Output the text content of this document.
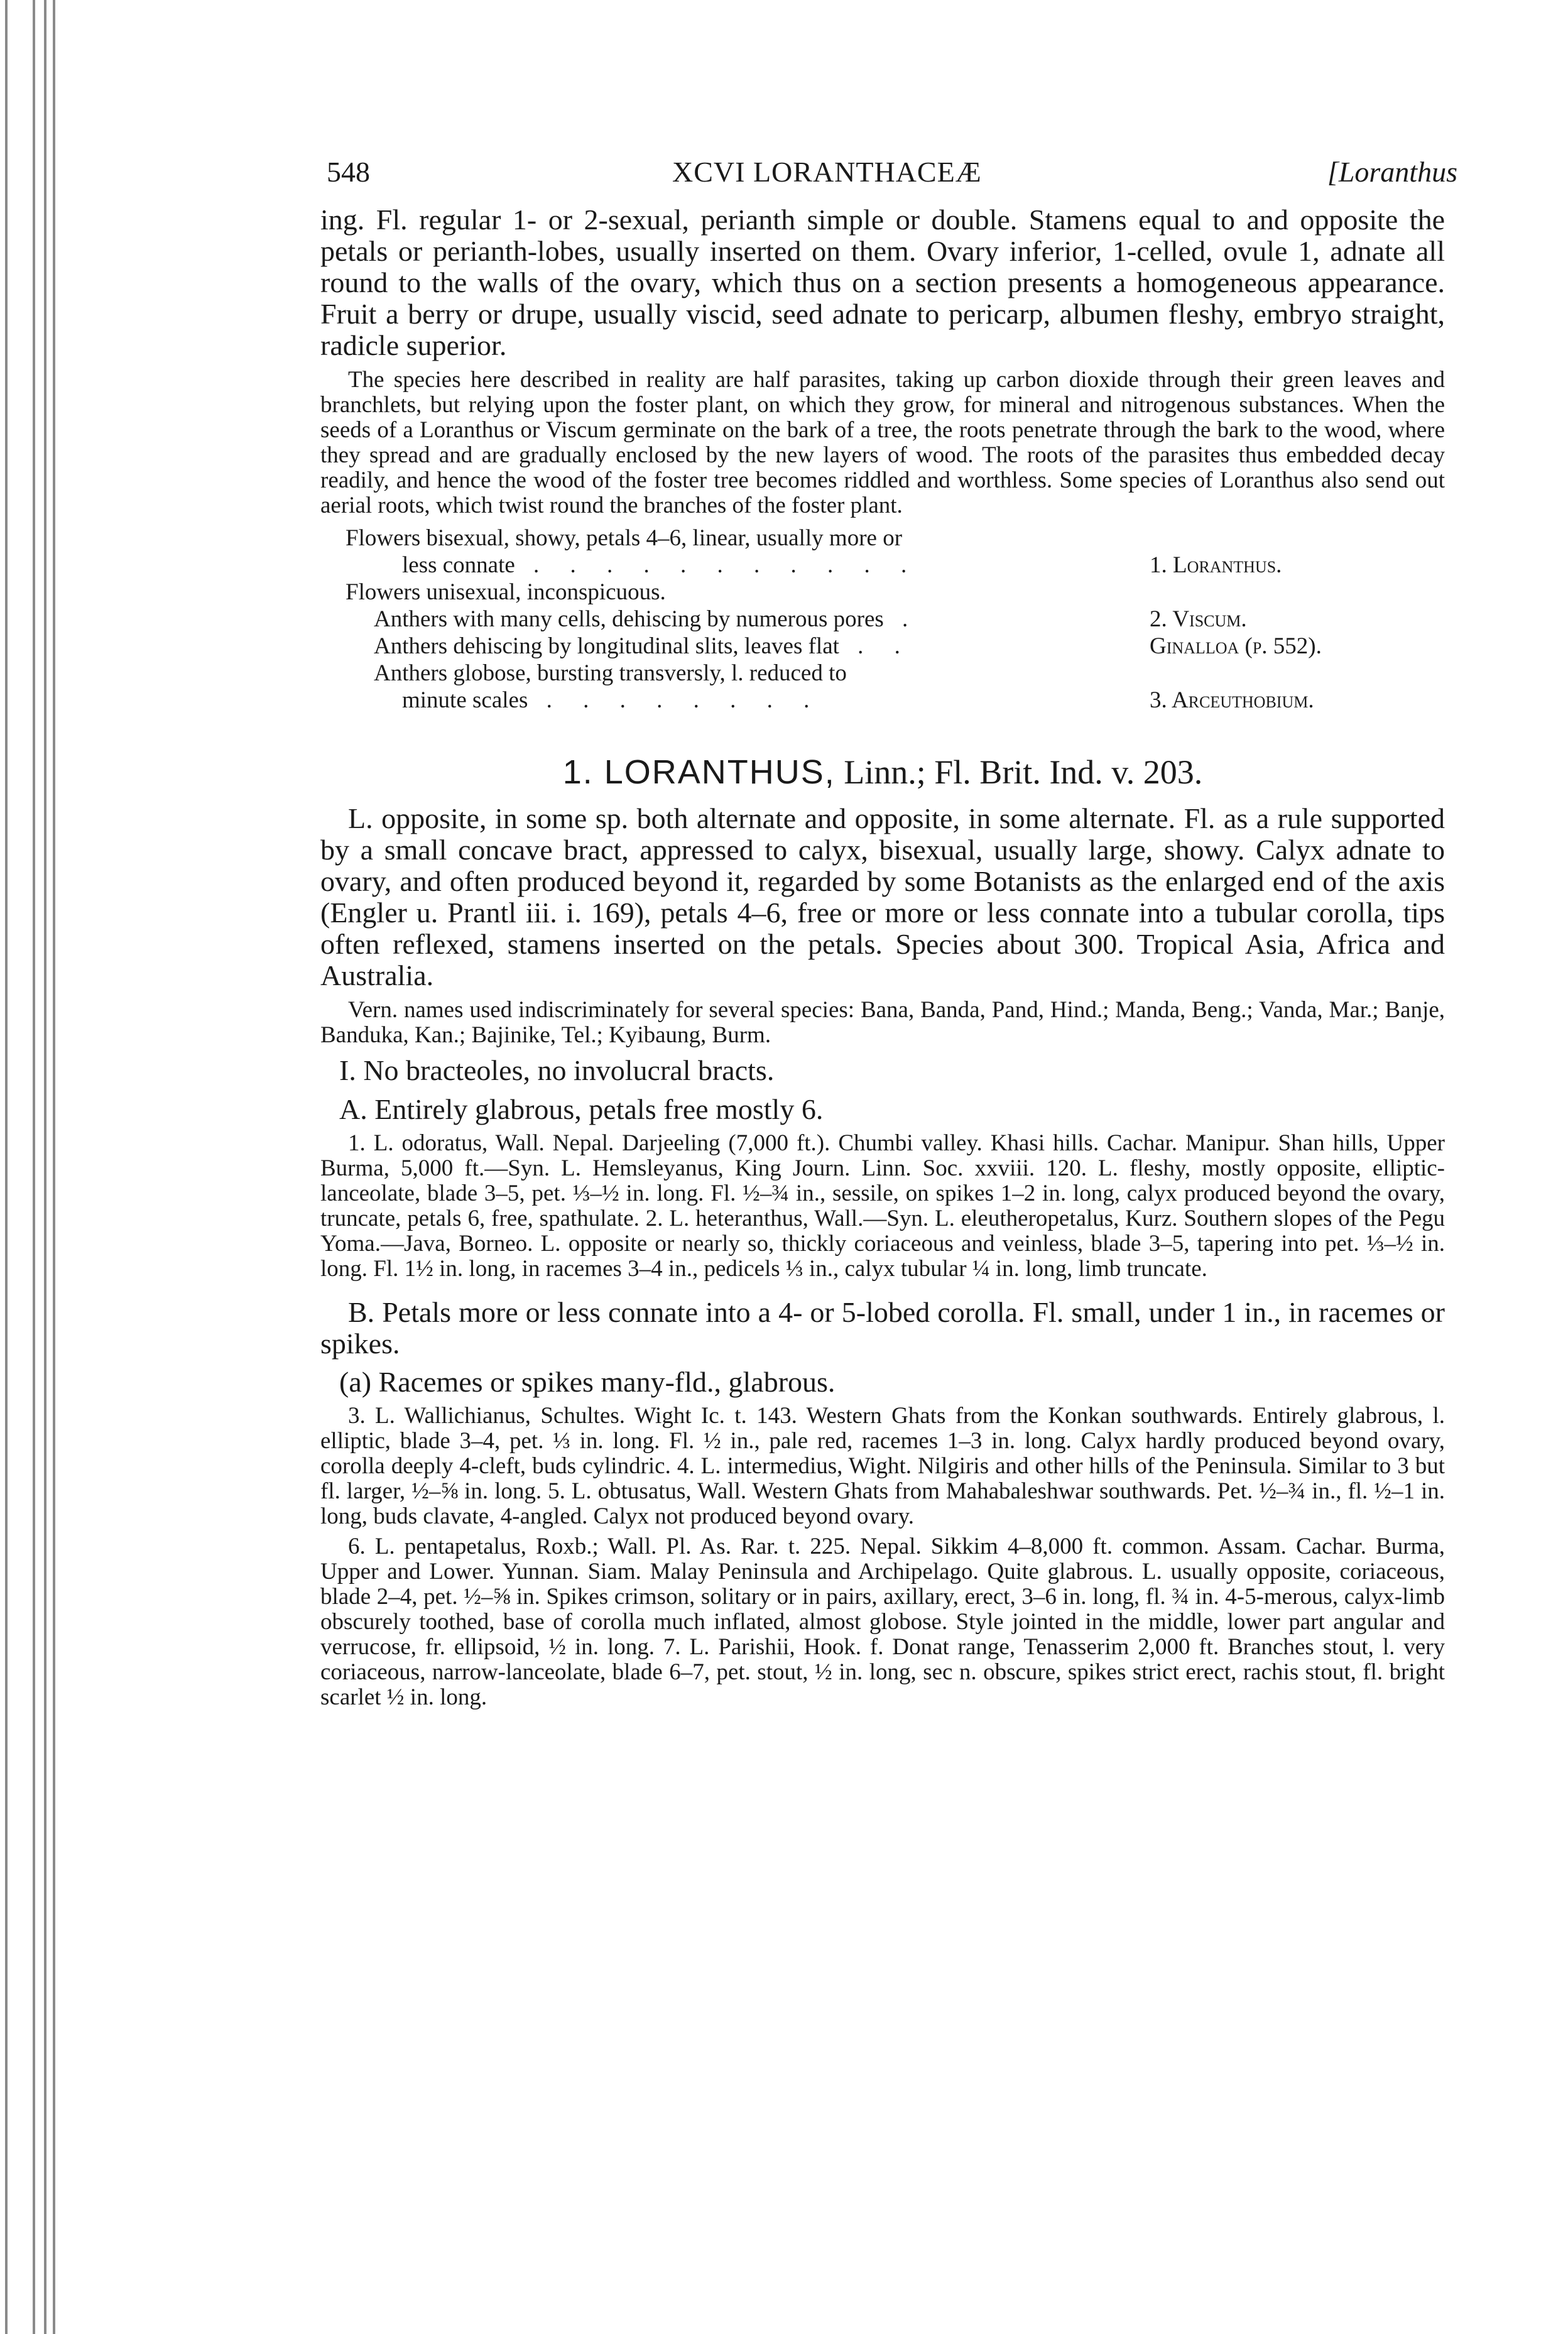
548	XCVI LORANTHACEÆ	[Loranthus

ing. Fl. regular 1- or 2-sexual, perianth simple or double. Stamens equal to and opposite the petals or perianth-lobes, usually inserted on them. Ovary inferior, 1-celled, ovule 1, adnate all round to the walls of the ovary, which thus on a section presents a homogeneous appearance. Fruit a berry or drupe, usually viscid, seed adnate to pericarp, albumen fleshy, embryo straight, radicle superior.

The species here described in reality are half parasites, taking up carbon dioxide through their green leaves and branchlets, but relying upon the foster plant, on which they grow, for mineral and nitrogenous substances. When the seeds of a Loranthus or Viscum germinate on the bark of a tree, the roots penetrate through the bark to the wood, where they spread and are gradually enclosed by the new layers of wood. The roots of the parasites thus embedded decay readily, and hence the wood of the foster tree becomes riddled and worthless. Some species of Loranthus also send out aerial roots, which twist round the branches of the foster plant.

Flowers bisexual, showy, petals 4–6, linear, usually more or
less connate . . . . . . . . . . .	1. Loranthus.
Flowers unisexual, inconspicuous.
Anthers with many cells, dehiscing by numerous pores .	2. Viscum.
Anthers dehiscing by longitudinal slits, leaves flat . .	Ginalloa (p. 552).
Anthers globose, bursting transversly, l. reduced to
minute scales . . . . . . . .	3. Arceuthobium.
1. LORANTHUS, Linn.; Fl. Brit. Ind. v. 203.

L. opposite, in some sp. both alternate and opposite, in some alternate. Fl. as a rule supported by a small concave bract, appressed to calyx, bisexual, usually large, showy. Calyx adnate to ovary, and often produced beyond it, regarded by some Botanists as the enlarged end of the axis (Engler u. Prantl iii. i. 169), petals 4–6, free or more or less connate into a tubular corolla, tips often reflexed, stamens inserted on the petals. Species about 300. Tropical Asia, Africa and Australia.

Vern. names used indiscriminately for several species: Bana, Banda, Pand, Hind.; Manda, Beng.; Vanda, Mar.; Banje, Banduka, Kan.; Bajinike, Tel.; Kyibaung, Burm.

I. No bracteoles, no involucral bracts.
A. Entirely glabrous, petals free mostly 6.

1. L. odoratus, Wall. Nepal. Darjeeling (7,000 ft.). Chumbi valley. Khasi hills. Cachar. Manipur. Shan hills, Upper Burma, 5,000 ft.—Syn. L. Hemsleyanus, King Journ. Linn. Soc. xxviii. 120. L. fleshy, mostly opposite, elliptic-lanceolate, blade 3–5, pet. ⅓–½ in. long. Fl. ½–¾ in., sessile, on spikes 1–2 in. long, calyx produced beyond the ovary, truncate, petals 6, free, spathulate. 2. L. heteranthus, Wall.—Syn. L. eleutheropetalus, Kurz. Southern slopes of the Pegu Yoma.—Java, Borneo. L. opposite or nearly so, thickly coriaceous and veinless, blade 3–5, tapering into pet. ⅓–½ in. long. Fl. 1½ in. long, in racemes 3–4 in., pedicels ⅓ in., calyx tubular ¼ in. long, limb truncate.

B. Petals more or less connate into a 4- or 5-lobed corolla. Fl. small, under 1 in., in racemes or spikes.

(a) Racemes or spikes many-fld., glabrous.

3. L. Wallichianus, Schultes. Wight Ic. t. 143. Western Ghats from the Konkan southwards. Entirely glabrous, l. elliptic, blade 3–4, pet. ⅓ in. long. Fl. ½ in., pale red, racemes 1–3 in. long. Calyx hardly produced beyond ovary, corolla deeply 4-cleft, buds cylindric. 4. L. intermedius, Wight. Nilgiris and other hills of the Peninsula. Similar to 3 but fl. larger, ½–⅝ in. long. 5. L. obtusatus, Wall. Western Ghats from Mahabaleshwar southwards. Pet. ½–¾ in., fl. ½–1 in. long, buds clavate, 4-angled. Calyx not produced beyond ovary.

6. L. pentapetalus, Roxb.; Wall. Pl. As. Rar. t. 225. Nepal. Sikkim 4–8,000 ft. common. Assam. Cachar. Burma, Upper and Lower. Yunnan. Siam. Malay Peninsula and Archipelago. Quite glabrous. L. usually opposite, coriaceous, blade 2–4, pet. ½–⅝ in. Spikes crimson, solitary or in pairs, axillary, erect, 3–6 in. long, fl. ¾ in. 4-5-merous, calyx-limb obscurely toothed, base of corolla much inflated, almost globose. Style jointed in the middle, lower part angular and verrucose, fr. ellipsoid, ½ in. long. 7. L. Parishii, Hook. f. Donat range, Tenasserim 2,000 ft. Branches stout, l. very coriaceous, narrow-lanceolate, blade 6–7, pet. stout, ½ in. long, sec n. obscure, spikes strict erect, rachis stout, fl. bright scarlet ½ in. long.
